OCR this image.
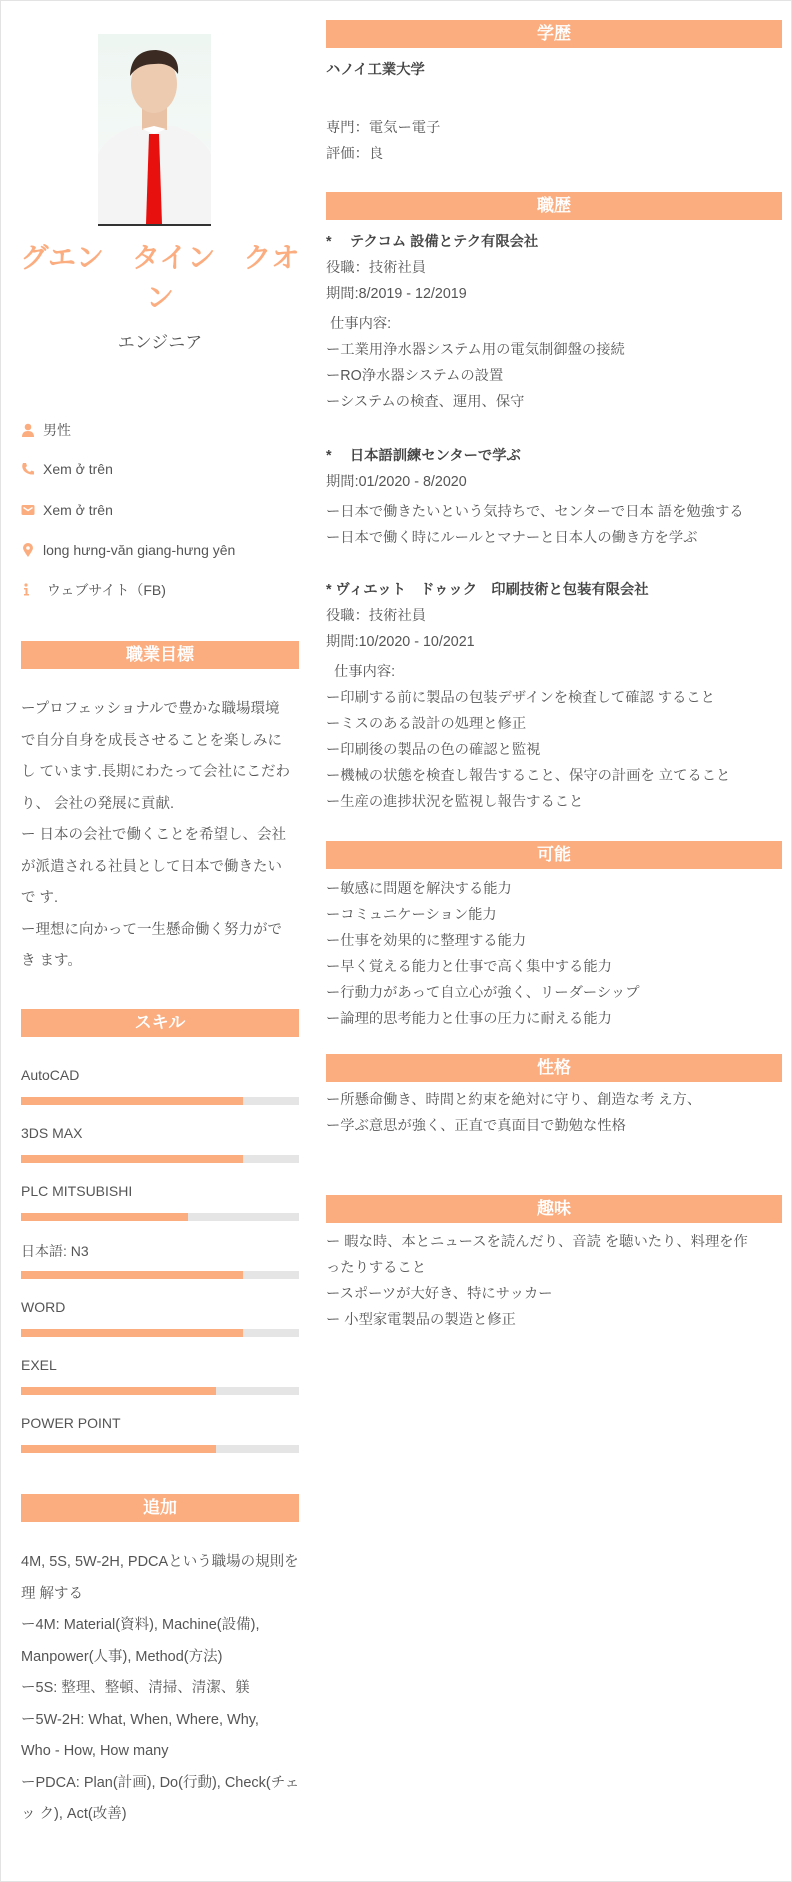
グエン　タイン　クオン
エンジニア
男性
Xem ở trên
Xem ở trên
long hưng-văn giang-hưng yên
ウェブサイト（FB)
職業目標
ープロフェッショナルで豊かな職場環境
で自分自身を成長させることを楽しみに
し ています.長期にわたって会社にこだわ
り、 会社の発展に貢献.
ー 日本の会社で働くことを希望し、会社
が派遣される社員として日本で働きたい
で す.
ー理想に向かって一生懸命働く努力がで
き ます。
スキル
AutoCAD
3DS MAX
PLC MITSUBISHI
日本語: N3
WORD
EXEL
POWER POINT
追加
4M, 5S, 5W-2H, PDCAという職場の規則を
理 解する
ー4M: Material(資料), Machine(設備),
Manpower(人事), Method(方法)
ー5S: 整理、整頓、清掃、清潔、躾
ー5W-2H: What, When, Where, Why,
Who - How, How many
ーPDCA: Plan(計画), Do(行動), Check(チェ
ッ ク), Act(改善)
学歴
ハノイ工業大学
専門：電気ー電子
評価：良
職歴
*　 テクコム 設備とテク有限会社
役職：技術社員
期間:8/2019 - 12/2019
仕事内容:
ー工業用浄水器システム用の電気制御盤の接続
ーRO浄水器システムの設置
ーシステムの検査、運用、保守
*　 日本語訓練センターで学ぶ
期間:01/2020 - 8/2020
ー日本で働きたいという気持ちで、センターで日本 語を勉強する
ー日本で働く時にルールとマナーと日本人の働き方を学ぶ
* ヴィエット　ドゥック　印刷技術と包装有限会社
役職：技術社員
期間:10/2020 - 10/2021
仕事内容:
ー印刷する前に製品の包装デザインを検査して確認 すること
ーミスのある設計の処理と修正
ー印刷後の製品の色の確認と監視
ー機械の状態を検査し報告すること、保守の計画を 立てること
ー生産の進捗状況を監視し報告すること
可能
ー敏感に問題を解決する能力
ーコミュニケーション能力
ー仕事を効果的に整理する能力
ー早く覚える能力と仕事で高く集中する能力
ー行動力があって自立心が強く、リーダーシップ
ー論理的思考能力と仕事の圧力に耐える能力
性格
ー所懸命働き、時間と約束を絶対に守り、創造な考 え方、
ー学ぶ意思が強く、正直で真面目で勤勉な性格
趣味
ー 暇な時、本とニュースを読んだり、音読 を聴いたり、料理を作
ったりすること
ースポーツが大好き、特にサッカー
ー 小型家電製品の製造と修正
